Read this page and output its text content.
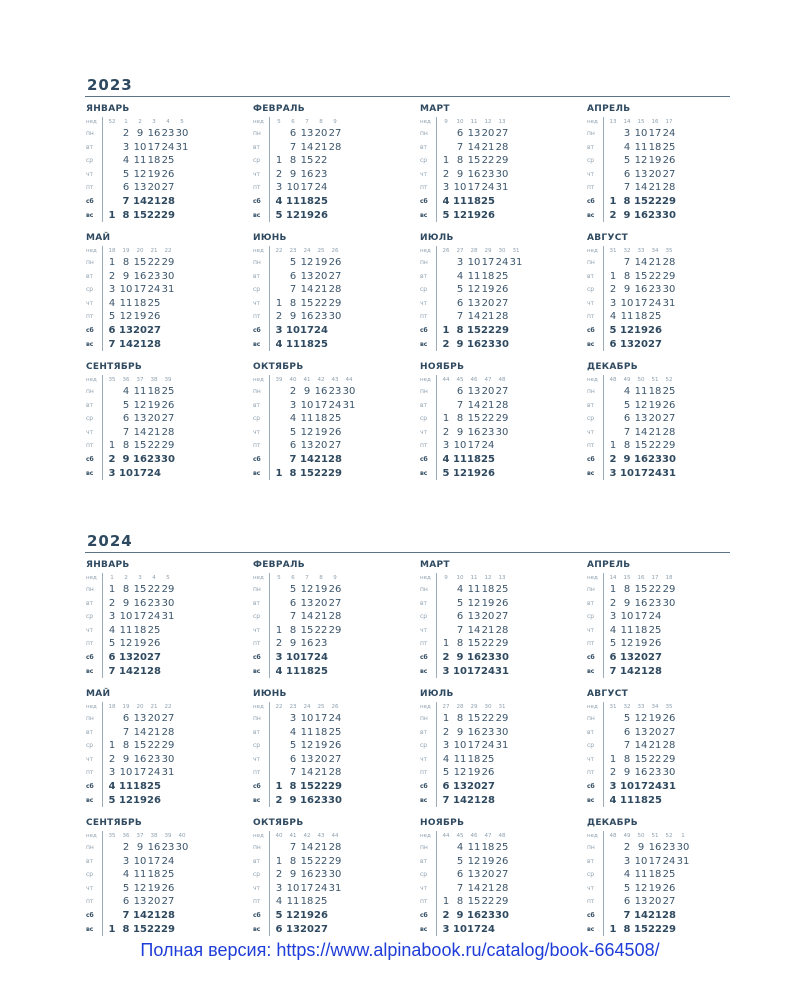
2023
ЯНВАРЬ
нед	52	1	2	3	4	5
пн	2 9 16 23 30
вт	3 10 17 24 31
ср	4 11 18 25
чт	5 12 19 26
пт	6 13 20 27
сб	7 14 21 28
вс	1 8 15 22 29
ФЕВРАЛЬ
нед	5	6	7	8	9
пн	6 13 20 27
вт	7 14 21 28
ср	1 8 15 22
чт	2 9 16 23
пт	3 10 17 24
сб	4 11 18 25
вс	5 12 19 26
МАРТ
нед	9	10	11	12	13
пн	6 13 20 27
вт	7 14 21 28
ср	1 8 15 22 29
чт	2 9 16 23 30
пт	3 10 17 24 31
сб	4 11 18 25
вс	5 12 19 26
АПРЕЛЬ
нед	13	14	15	16	17
пн	3 10 17 24
вт	4 11 18 25
ср	5 12 19 26
чт	6 13 20 27
пт	7 14 21 28
сб	1 8 15 22 29
вс	2 9 16 23 30
МАЙ
нед	18	19	20	21	22
пн	1 8 15 22 29
вт	2 9 16 23 30
ср	3 10 17 24 31
чт	4 11 18 25
пт	5 12 19 26
сб	6 13 20 27
вс	7 14 21 28
ИЮНЬ
нед	22	23	24	25	26
пн	5 12 19 26
вт	6 13 20 27
ср	7 14 21 28
чт	1 8 15 22 29
пт	2 9 16 23 30
сб	3 10 17 24
вс	4 11 18 25
ИЮЛЬ
нед	26	27	28	29	30	31
пн	3 10 17 24 31
вт	4 11 18 25
ср	5 12 19 26
чт	6 13 20 27
пт	7 14 21 28
сб	1 8 15 22 29
вс	2 9 16 23 30
АВГУСТ
нед	31	32	33	34	35
пн	7 14 21 28
вт	1 8 15 22 29
ср	2 9 16 23 30
чт	3 10 17 24 31
пт	4 11 18 25
сб	5 12 19 26
вс	6 13 20 27
СЕНТЯБРЬ
нед	35	36	37	38	39
пн	4 11 18 25
вт	5 12 19 26
ср	6 13 20 27
чт	7 14 21 28
пт	1 8 15 22 29
сб	2 9 16 23 30
вс	3 10 17 24
ОКТЯБРЬ
нед	39	40	41	42	43	44
пн	2 9 16 23 30
вт	3 10 17 24 31
ср	4 11 18 25
чт	5 12 19 26
пт	6 13 20 27
сб	7 14 21 28
вс	1 8 15 22 29
НОЯБРЬ
нед	44	45	46	47	48
пн	6 13 20 27
вт	7 14 21 28
ср	1 8 15 22 29
чт	2 9 16 23 30
пт	3 10 17 24
сб	4 11 18 25
вс	5 12 19 26
ДЕКАБРЬ
нед	48	49	50	51	52
пн	4 11 18 25
вт	5 12 19 26
ср	6 13 20 27
чт	7 14 21 28
пт	1 8 15 22 29
сб	2 9 16 23 30
вс	3 10 17 24 31
2024
ЯНВАРЬ
нед	1	2	3	4	5
пн	1 8 15 22 29
вт	2 9 16 23 30
ср	3 10 17 24 31
чт	4 11 18 25
пт	5 12 19 26
сб	6 13 20 27
вс	7 14 21 28
ФЕВРАЛЬ
нед	5	6	7	8	9
пн	5 12 19 26
вт	6 13 20 27
ср	7 14 21 28
чт	1 8 15 22 29
пт	2 9 16 23
сб	3 10 17 24
вс	4 11 18 25
МАРТ
нед	9	10	11	12	13
пн	4 11 18 25
вт	5 12 19 26
ср	6 13 20 27
чт	7 14 21 28
пт	1 8 15 22 29
сб	2 9 16 23 30
вс	3 10 17 24 31
АПРЕЛЬ
нед	14	15	16	17	18
пн	1 8 15 22 29
вт	2 9 16 23 30
ср	3 10 17 24
чт	4 11 18 25
пт	5 12 19 26
сб	6 13 20 27
вс	7 14 21 28
МАЙ
нед	18	19	20	21	22
пн	6 13 20 27
вт	7 14 21 28
ср	1 8 15 22 29
чт	2 9 16 23 30
пт	3 10 17 24 31
сб	4 11 18 25
вс	5 12 19 26
ИЮНЬ
нед	22	23	24	25	26
пн	3 10 17 24
вт	4 11 18 25
ср	5 12 19 26
чт	6 13 20 27
пт	7 14 21 28
сб	1 8 15 22 29
вс	2 9 16 23 30
ИЮЛЬ
нед	27	28	29	30	31
пн	1 8 15 22 29
вт	2 9 16 23 30
ср	3 10 17 24 31
чт	4 11 18 25
пт	5 12 19 26
сб	6 13 20 27
вс	7 14 21 28
АВГУСТ
нед	31	32	33	34	35
пн	5 12 19 26
вт	6 13 20 27
ср	7 14 21 28
чт	1 8 15 22 29
пт	2 9 16 23 30
сб	3 10 17 24 31
вс	4 11 18 25
СЕНТЯБРЬ
нед	35	36	37	38	39	40
пн	2 9 16 23 30
вт	3 10 17 24
ср	4 11 18 25
чт	5 12 19 26
пт	6 13 20 27
сб	7 14 21 28
вс	1 8 15 22 29
ОКТЯБРЬ
нед	40	41	42	43	44
пн	7 14 21 28
вт	1 8 15 22 29
ср	2 9 16 23 30
чт	3 10 17 24 31
пт	4 11 18 25
сб	5 12 19 26
вс	6 13 20 27
НОЯБРЬ
нед	44	45	46	47	48
пн	4 11 18 25
вт	5 12 19 26
ср	6 13 20 27
чт	7 14 21 28
пт	1 8 15 22 29
сб	2 9 16 23 30
вс	3 10 17 24
ДЕКАБРЬ
нед	48	49	50	51	52	1
пн	2 9 16 23 30
вт	3 10 17 24 31
ср	4 11 18 25
чт	5 12 19 26
пт	6 13 20 27
сб	7 14 21 28
вс	1 8 15 22 29
Полная версия: https://www.alpinabook.ru/catalog/book-664508/
